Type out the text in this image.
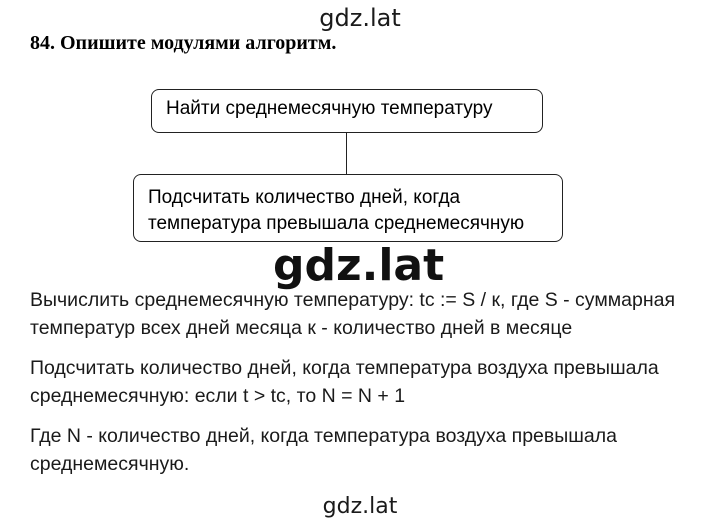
gdz.lat
84. Опишите модулями алгоритм.
Найти среднемесячную температуру
Подсчитать количество дней, когда
температура превышала среднемесячную
gdz.lat
Вычислить среднемесячную температуру: tc := S / к, где S - суммарная
температур всех дней месяца к - количество дней в месяце
Подсчитать количество дней, когда температура воздуха превышала
среднемесячную: если t > tc, то N = N + 1
Где N - количество дней, когда температура воздуха превышала
среднемесячную.
gdz.lat
